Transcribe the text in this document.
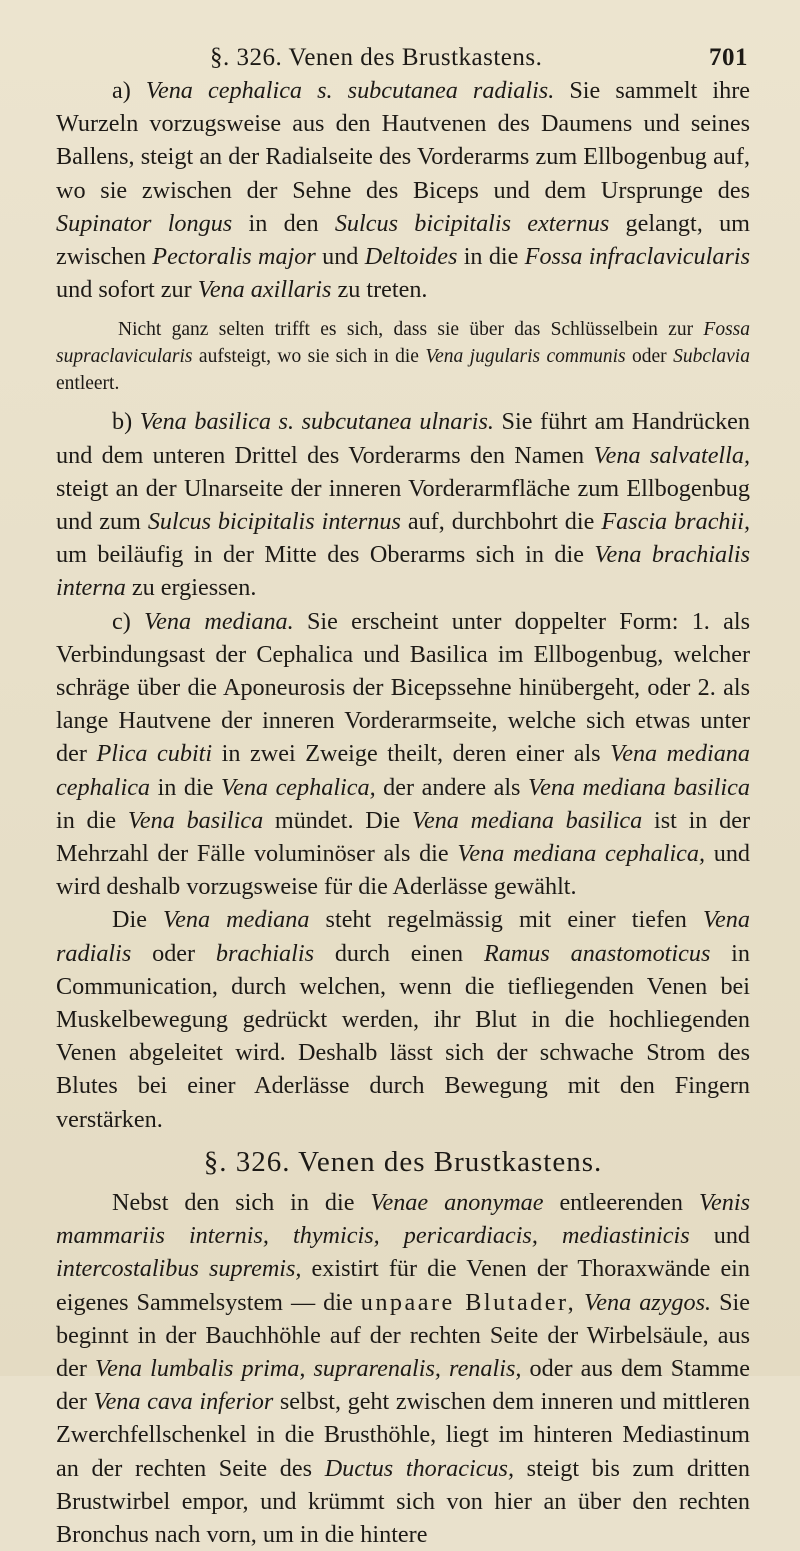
§. 326. Venen des Brustkastens.	701

a) Vena cephalica s. subcutanea radialis. Sie sammelt ihre Wurzeln vorzugsweise aus den Hautvenen des Daumens und seines Ballens, steigt an der Radialseite des Vorderarms zum Ellbogenbug auf, wo sie zwischen der Sehne des Biceps und dem Ursprunge des Supinator longus in den Sulcus bicipitalis externus gelangt, um zwischen Pectoralis major und Deltoides in die Fossa infraclavicularis und sofort zur Vena axillaris zu treten.

Nicht ganz selten trifft es sich, dass sie über das Schlüsselbein zur Fossa supraclavicularis aufsteigt, wo sie sich in die Vena jugularis communis oder Subclavia entleert.

b) Vena basilica s. subcutanea ulnaris. Sie führt am Handrücken und dem unteren Drittel des Vorderarms den Namen Vena salvatella, steigt an der Ulnarseite der inneren Vorderarmfläche zum Ellbogenbug und zum Sulcus bicipitalis internus auf, durchbohrt die Fascia brachii, um beiläufig in der Mitte des Oberarms sich in die Vena brachialis interna zu ergiessen.

c) Vena mediana. Sie erscheint unter doppelter Form: 1. als Verbindungsast der Cephalica und Basilica im Ellbogenbug, welcher schräge über die Aponeurosis der Bicepssehne hinübergeht, oder 2. als lange Hautvene der inneren Vorderarmseite, welche sich etwas unter der Plica cubiti in zwei Zweige theilt, deren einer als Vena mediana cephalica in die Vena cephalica, der andere als Vena mediana basilica in die Vena basilica mündet. Die Vena mediana basilica ist in der Mehrzahl der Fälle voluminöser als die Vena mediana cephalica, und wird deshalb vorzugsweise für die Aderlässe gewählt.

Die Vena mediana steht regelmässig mit einer tiefen Vena radialis oder brachialis durch einen Ramus anastomoticus in Communication, durch welchen, wenn die tiefliegenden Venen bei Muskelbewegung gedrückt werden, ihr Blut in die hochliegenden Venen abgeleitet wird. Deshalb lässt sich der schwache Strom des Blutes bei einer Aderlässe durch Bewegung mit den Fingern verstärken.

§. 326. Venen des Brustkastens.

Nebst den sich in die Venae anonymae entleerenden Venis mammariis internis, thymicis, pericardiacis, mediastinicis und intercostalibus supremis, existirt für die Venen der Thoraxwände ein eigenes Sammelsystem — die unpaare Blutader, Vena azygos. Sie beginnt in der Bauchhöhle auf der rechten Seite der Wirbelsäule, aus der Vena lumbalis prima, suprarenalis, renalis, oder aus dem Stamme der Vena cava inferior selbst, geht zwischen dem inneren und mittleren Zwerchfellschenkel in die Brusthöhle, liegt im hinteren Mediastinum an der rechten Seite des Ductus thoracicus, steigt bis zum dritten Brustwirbel empor, und krümmt sich von hier an über den rechten Bronchus nach vorn, um in die hintere
